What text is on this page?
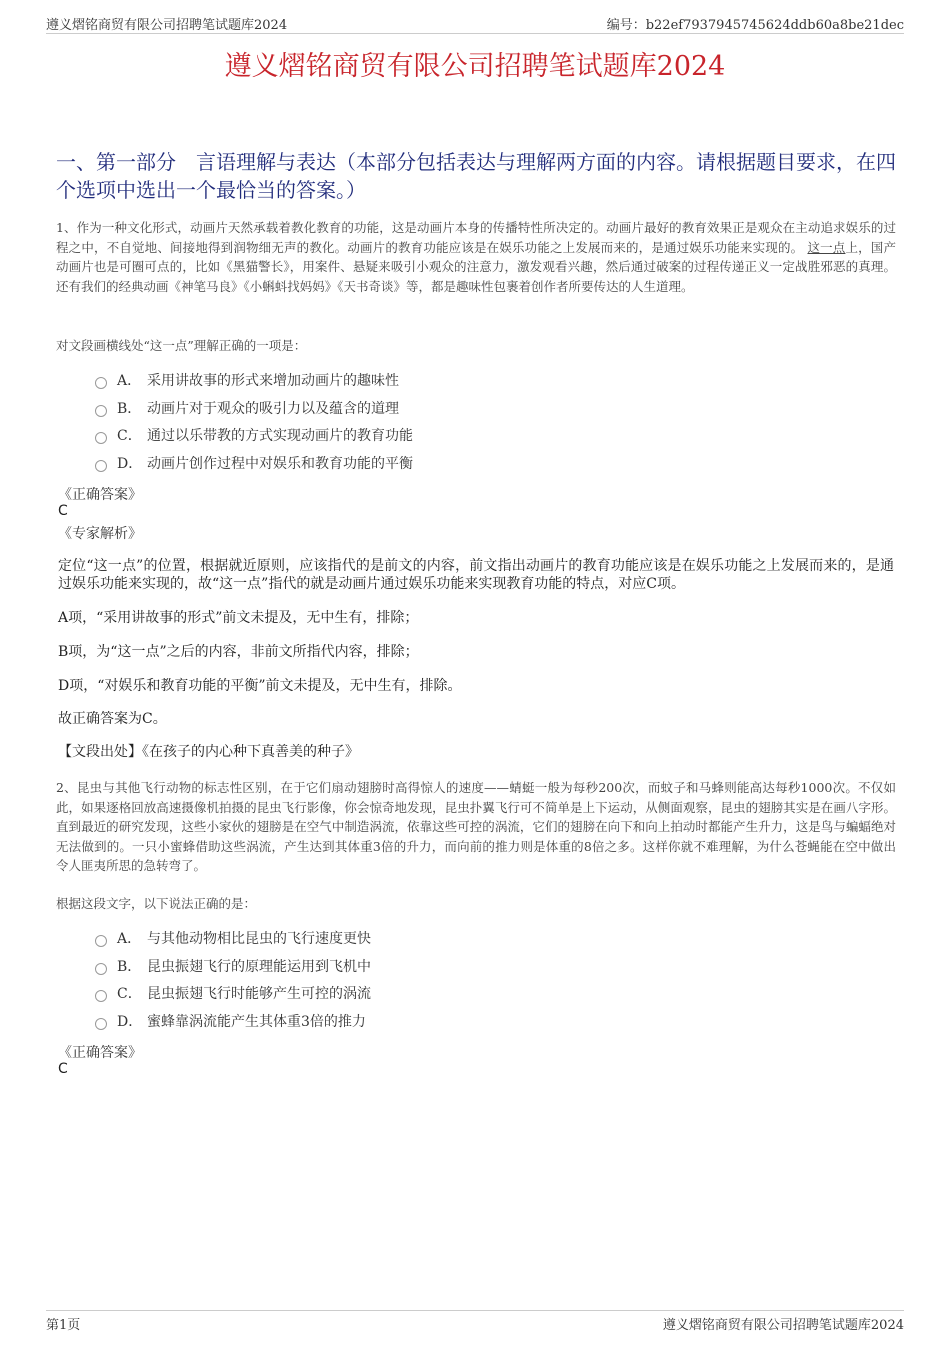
遵义熠铭商贸有限公司招聘笔试题库2024	编号：b22ef7937945745624ddb60a8be21dec
遵义熠铭商贸有限公司招聘笔试题库2024
一、第一部分　言语理解与表达（本部分包括表达与理解两方面的内容。请根据题目要求，在四个选项中选出一个最恰当的答案。）
1、作为一种文化形式，动画片天然承载着教化教育的功能，这是动画片本身的传播特性所决定的。动画片最好的教育效果正是观众在主动追求娱乐的过程之中，不自觉地、间接地得到润物细无声的教化。动画片的教育功能应该是在娱乐功能之上发展而来的，是通过娱乐功能来实现的。 这一点上，国产动画片也是可圈可点的，比如《黑猫警长》，用案件、悬疑来吸引小观众的注意力，激发观看兴趣，然后通过破案的过程传递正义一定战胜邪恶的真理。还有我们的经典动画《神笔马良》《小蝌蚪找妈妈》《天书奇谈》等，都是趣味性包裹着创作者所要传达的人生道理。
对文段画横线处“这一点”理解正确的一项是：
A． 采用讲故事的形式来增加动画片的趣味性
B． 动画片对于观众的吸引力以及蕴含的道理
C． 通过以乐带教的方式实现动画片的教育功能
D． 动画片创作过程中对娱乐和教育功能的平衡
《正确答案》
C
《专家解析》
定位“这一点”的位置，根据就近原则，应该指代的是前文的内容，前文指出动画片的教育功能应该是在娱乐功能之上发展而来的，是通过娱乐功能来实现的，故“这一点”指代的就是动画片通过娱乐功能来实现教育功能的特点，对应C项。
A项，“采用讲故事的形式”前文未提及，无中生有，排除；
B项，为“这一点”之后的内容，非前文所指代内容，排除；
D项，“对娱乐和教育功能的平衡”前文未提及，无中生有，排除。
故正确答案为C。
【文段出处】《在孩子的内心种下真善美的种子》
2、昆虫与其他飞行动物的标志性区别，在于它们扇动翅膀时高得惊人的速度——蜻蜓一般为每秒200次，而蚊子和马蜂则能高达每秒1000次。不仅如此，如果逐格回放高速摄像机拍摄的昆虫飞行影像，你会惊奇地发现，昆虫扑翼飞行可不简单是上下运动，从侧面观察，昆虫的翅膀其实是在画八字形。直到最近的研究发现，这些小家伙的翅膀是在空气中制造涡流，依靠这些可控的涡流，它们的翅膀在向下和向上拍动时都能产生升力，这是鸟与蝙蝠绝对无法做到的。一只小蜜蜂借助这些涡流，产生达到其体重3倍的升力，而向前的推力则是体重的8倍之多。这样你就不难理解，为什么苍蝇能在空中做出令人匪夷所思的急转弯了。
根据这段文字，以下说法正确的是：
A． 与其他动物相比昆虫的飞行速度更快
B． 昆虫振翅飞行的原理能运用到飞机中
C． 昆虫振翅飞行时能够产生可控的涡流
D． 蜜蜂靠涡流能产生其体重3倍的推力
《正确答案》
C
第1页	遵义熠铭商贸有限公司招聘笔试题库2024
